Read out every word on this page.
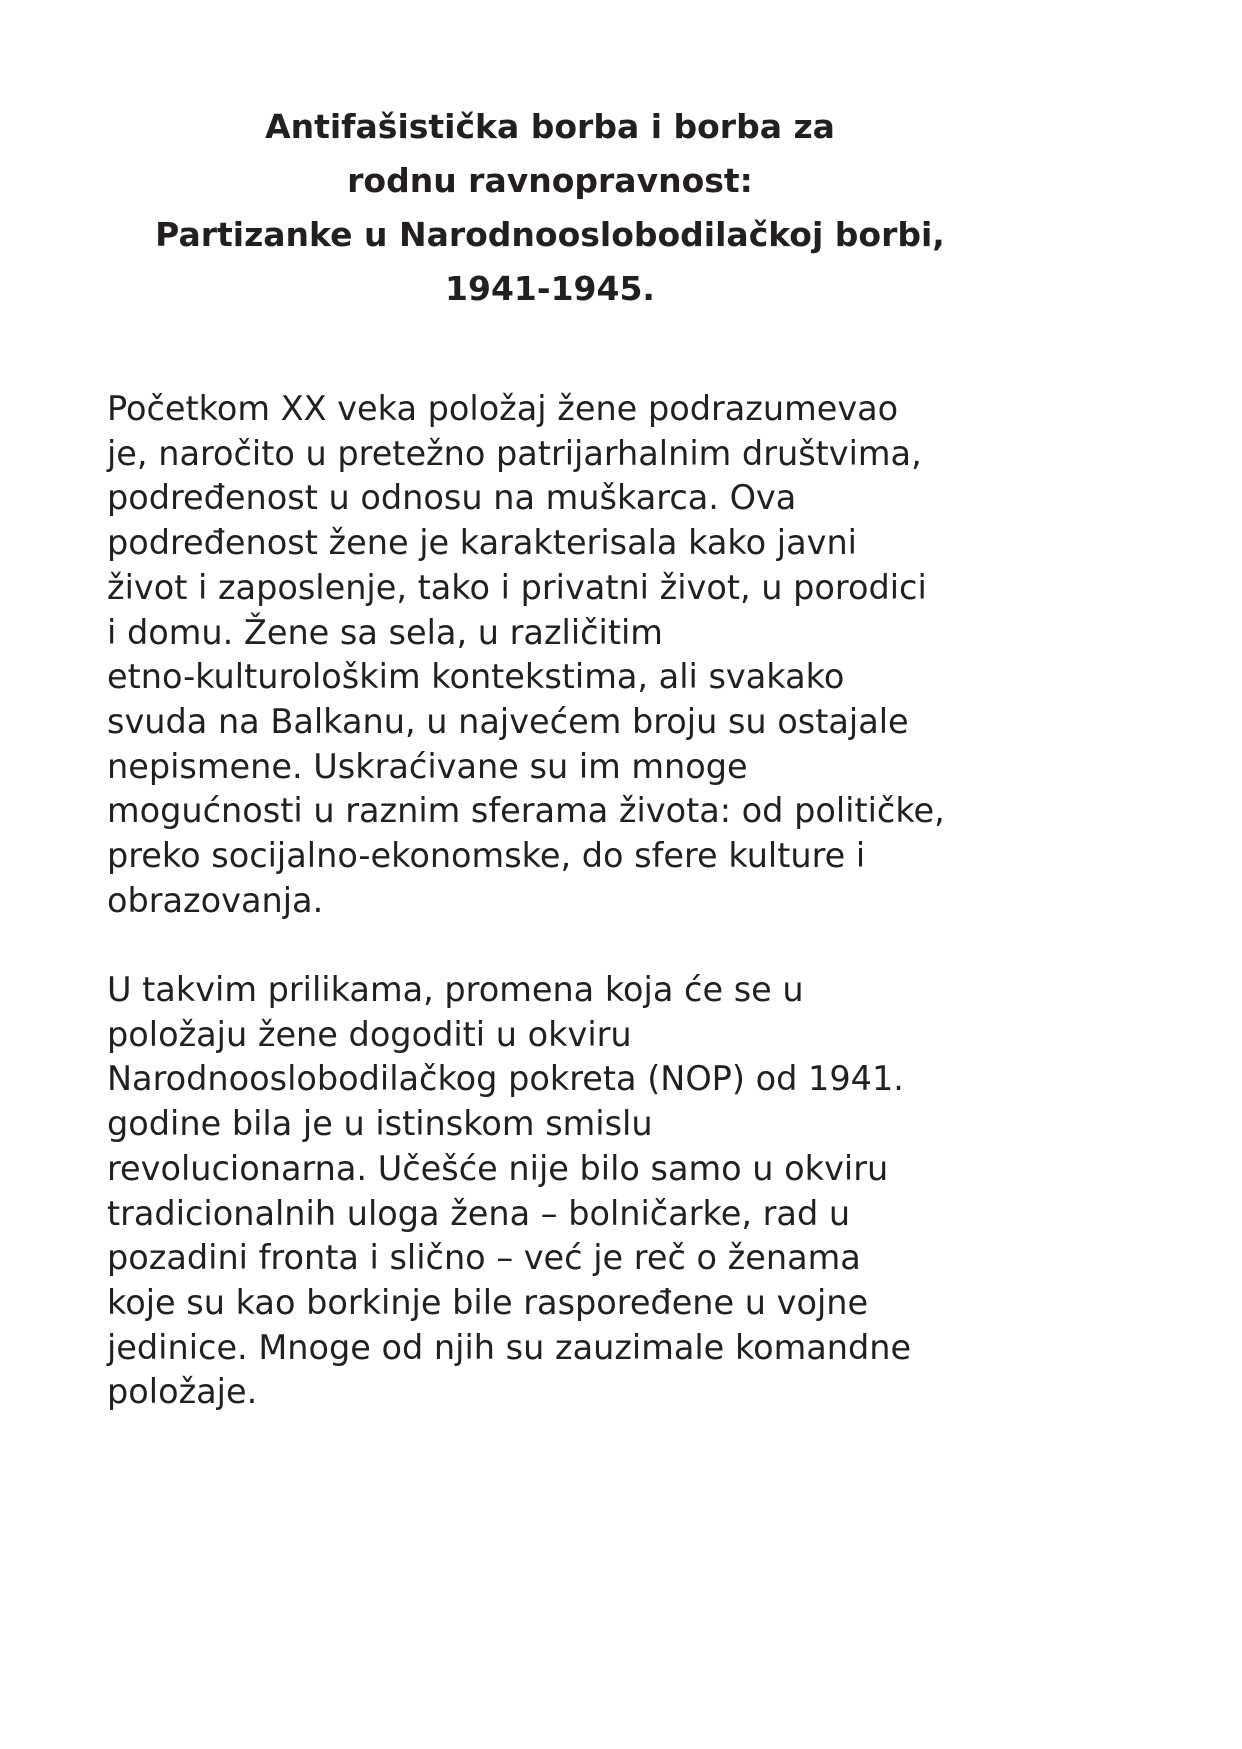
Antifašistička borba i borba za
rodnu ravnopravnost:
Partizanke u Narodnooslobodilačkoj borbi,
1941-1945.

Početkom XX veka položaj žene podrazumevao
je, naročito u pretežno patrijarhalnim društvima,
podređenost u odnosu na muškarca. Ova
podređenost žene je karakterisala kako javni
život i zaposlenje, tako i privatni život, u porodici
i domu. Žene sa sela, u različitim
etno-kulturološkim kontekstima, ali svakako
svuda na Balkanu, u najvećem broju su ostajale
nepismene. Uskraćivane su im mnoge
mogućnosti u raznim sferama života: od političke,
preko socijalno-ekonomske, do sfere kulture i
obrazovanja.

U takvim prilikama, promena koja će se u
položaju žene dogoditi u okviru
Narodnooslobodilačkog pokreta (NOP) od 1941.
godine bila je u istinskom smislu
revolucionarna. Učešće nije bilo samo u okviru
tradicionalnih uloga žena – bolničarke, rad u
pozadini fronta i slično – već je reč o ženama
koje su kao borkinje bile raspoređene u vojne
jedinice. Mnoge od njih su zauzimale komandne
položaje.
